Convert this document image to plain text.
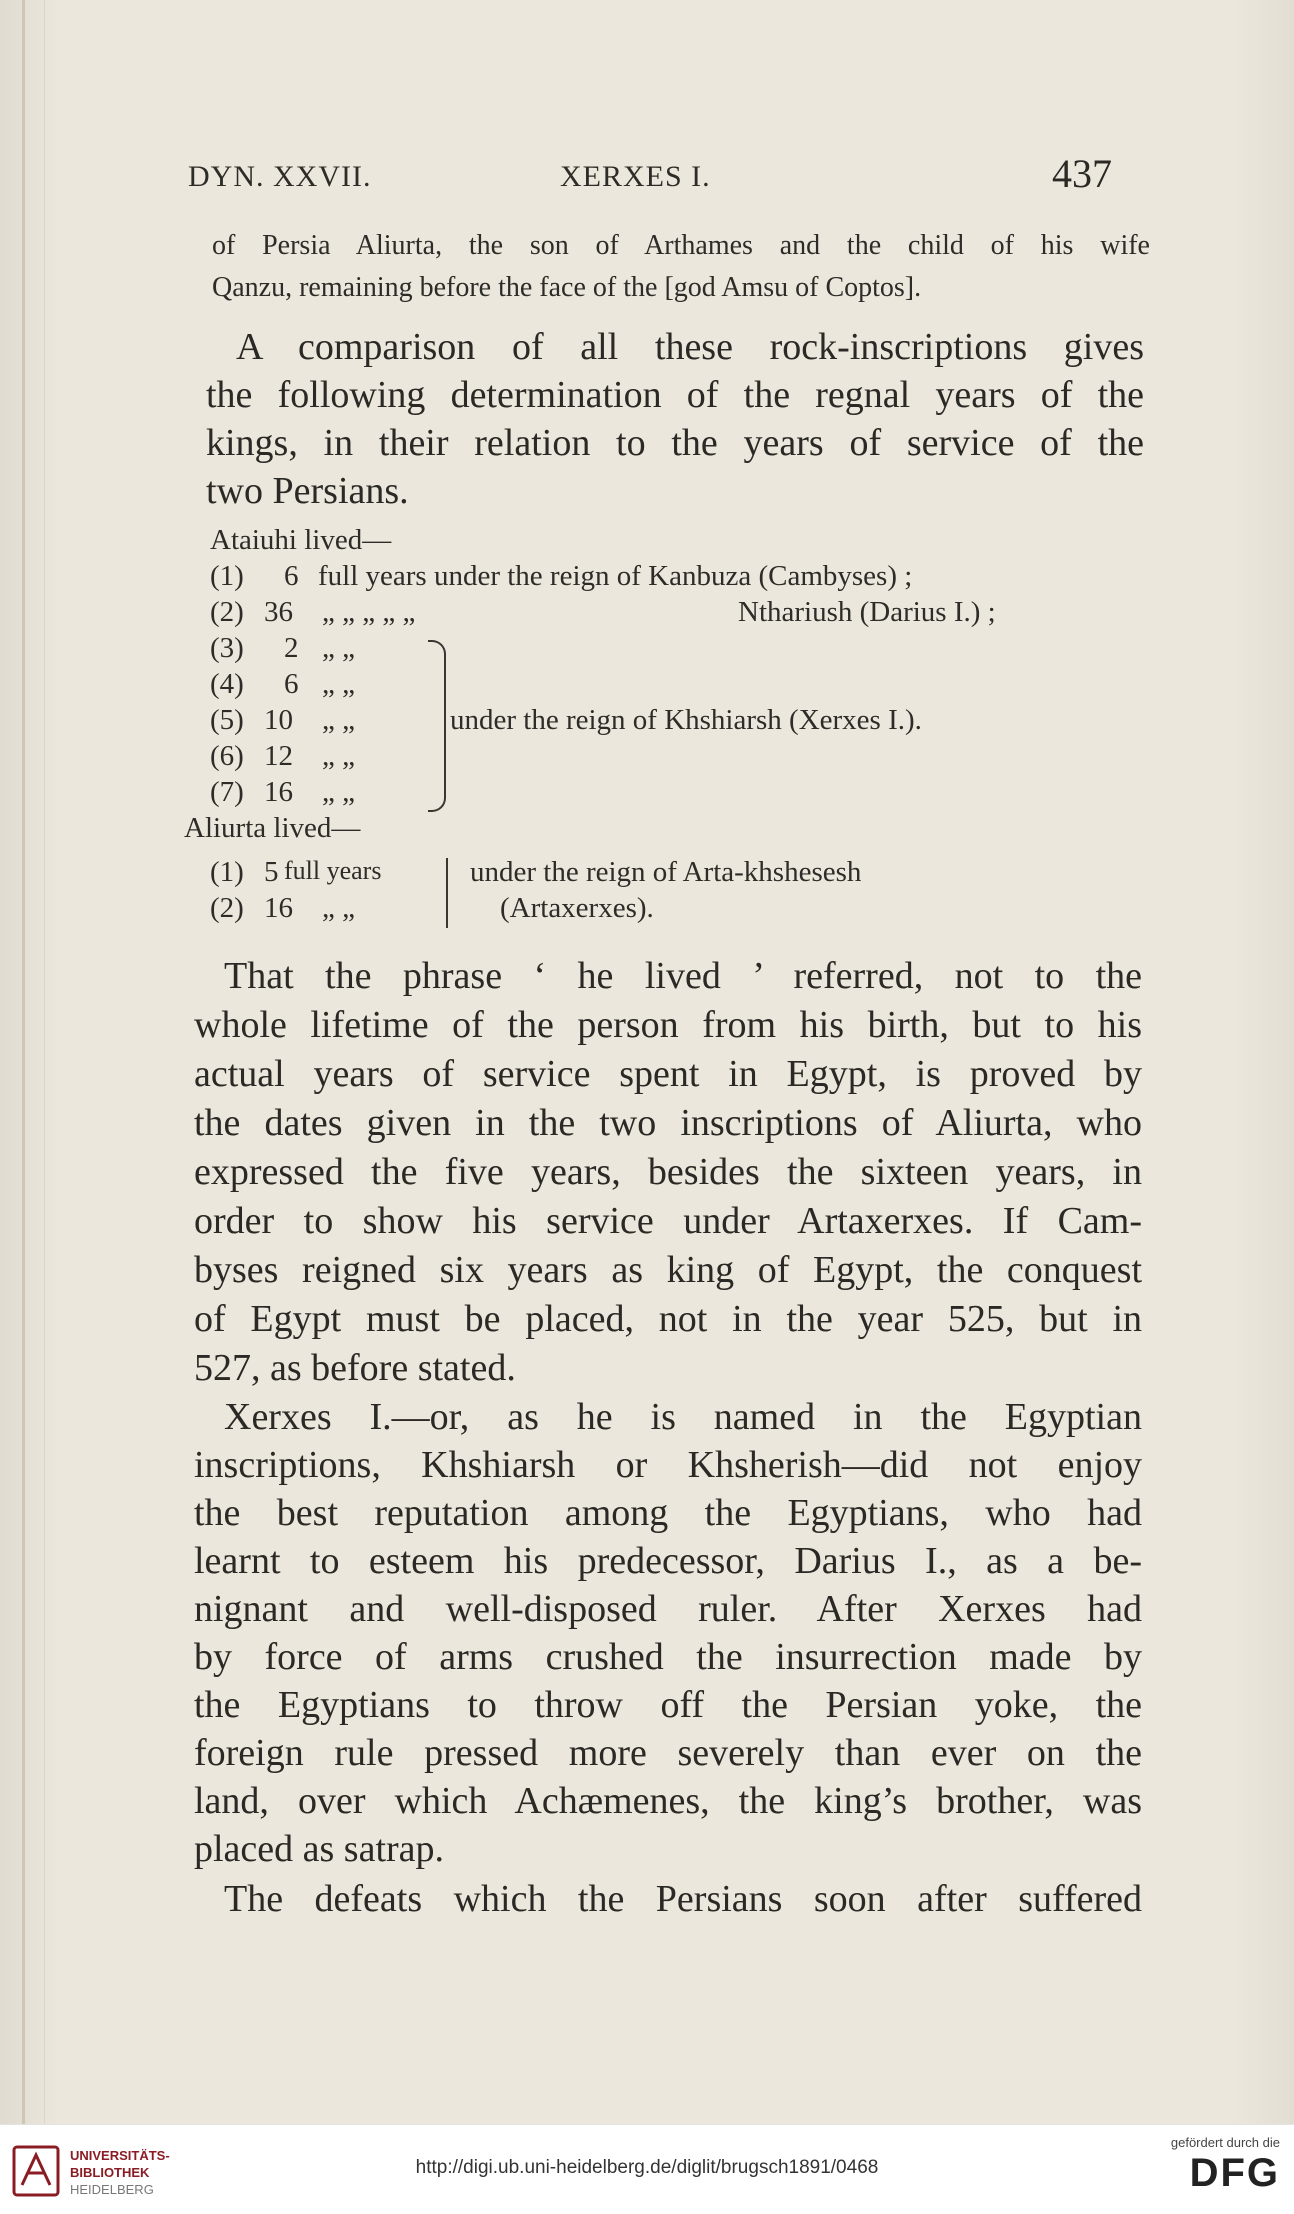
DYN. XXVII.	XERXES I.	437
of Persia Aliurta, the son of Arthames and the child of his wife
Qanzu, remaining before the face of the [god Amsu of Coptos].
A comparison of all these rock-inscriptions gives
the following determination of the regnal years of the
kings, in their relation to the years of service of the
two Persians.
Ataiuhi lived—
(1) 6 full years under the reign of Kanbuza (Cambyses) ;
(2) 36 „ „ „ „ „	Nthariush (Darius I.) ;
(3) 2 „ „
(4) 6 „ „
(5) 10 „ „
(6) 12 „ „
(7) 16 „ „
under the reign of Khshiarsh (Xerxes I.).
Aliurta lived—
(1) 5 full years
(2) 16 „ „
under the reign of Arta-khshesesh
(Artaxerxes).
That the phrase ‘ he lived ’ referred, not to the
whole lifetime of the person from his birth, but to his
actual years of service spent in Egypt, is proved by
the dates given in the two inscriptions of Aliurta, who
expressed the five years, besides the sixteen years, in
order to show his service under Artaxerxes. If Cam-
byses reigned six years as king of Egypt, the conquest
of Egypt must be placed, not in the year 525, but in
527, as before stated.
Xerxes I.—or, as he is named in the Egyptian
inscriptions, Khshiarsh or Khsherish—did not enjoy
the best reputation among the Egyptians, who had
learnt to esteem his predecessor, Darius I., as a be-
nignant and well-disposed ruler. After Xerxes had
by force of arms crushed the insurrection made by
the Egyptians to throw off the Persian yoke, the
foreign rule pressed more severely than ever on the
land, over which Achæmenes, the king’s brother, was
placed as satrap.
The defeats which the Persians soon after suffered
UNIVERSITÄTS-
BIBLIOTHEK
HEIDELBERG
http://digi.ub.uni-heidelberg.de/diglit/brugsch1891/0468
gefördert durch die
DFG
